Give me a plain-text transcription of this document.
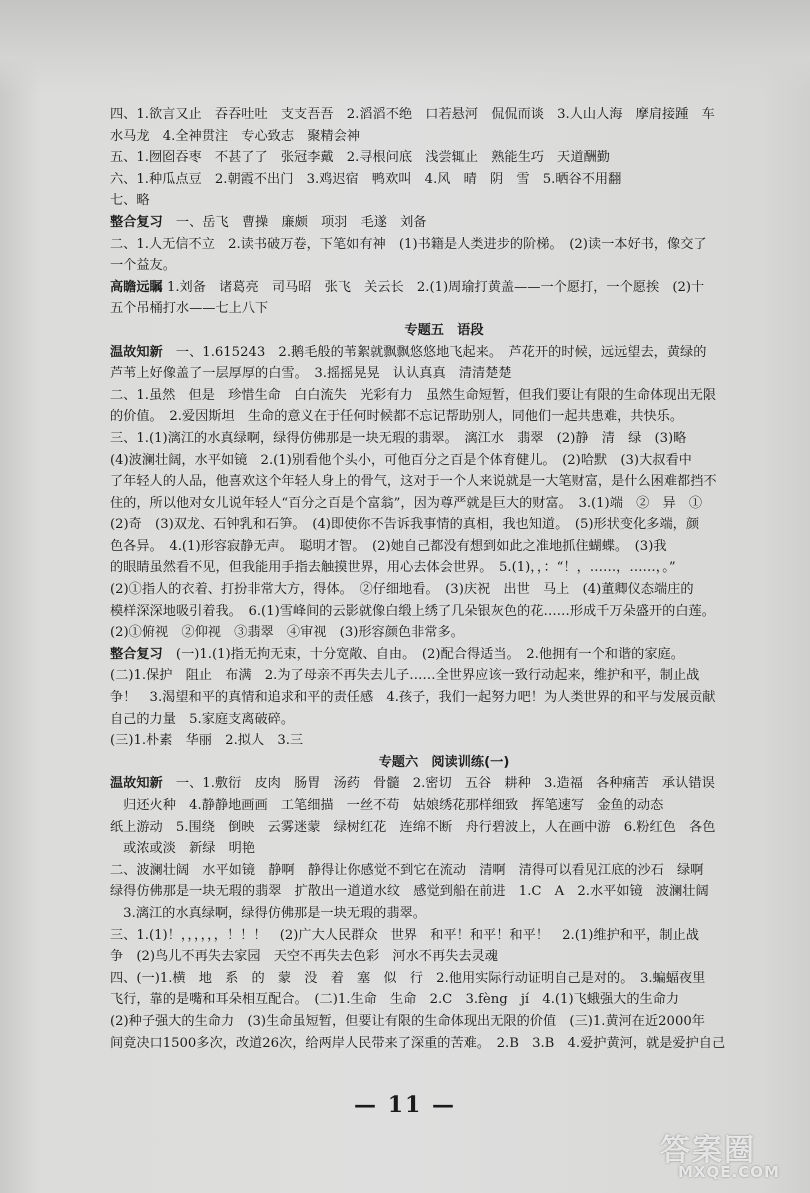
四、1.欲言又止　吞吞吐吐　支支吾吾　2.滔滔不绝　口若悬河　侃侃而谈　3.人山人海　摩肩接踵　车
水马龙　4.全神贯注　专心致志　聚精会神
五、1.囫囵吞枣　不甚了了　张冠李戴　2.寻根问底　浅尝辄止　熟能生巧　天道酬勤
六、1.种瓜点豆　2.朝霞不出门　3.鸡迟宿　鸭欢叫　4.风　晴　阴　雪　5.晒谷不用翻
七、略
整合复习　一、岳飞　曹操　廉颇　项羽　毛遂　刘备
二、1.人无信不立　2.读书破万卷，下笔如有神　(1)书籍是人类进步的阶梯。　(2)读一本好书，像交了
一个益友。
高瞻远瞩 1.刘备　诸葛亮　司马昭　张飞　关云长　2.(1)周瑜打黄盖——一个愿打，一个愿挨　(2)十
五个吊桶打水——七上八下
专题五　语段
温故知新　一、1.615243　2.鹅毛般的苇絮就飘飘悠悠地飞起来。　芦花开的时候，远远望去，黄绿的
芦苇上好像盖了一层厚厚的白雪。　3.摇摇晃晃　认认真真　清清楚楚
二、1.虽然　但是　珍惜生命　白白流失　光彩有力　虽然生命短暂，但我们要让有限的生命体现出无限
的价值。　2.爱因斯坦　生命的意义在于任何时候都不忘记帮助别人，同他们一起共患难，共快乐。
三、1.(1)漓江的水真绿啊，绿得仿佛那是一块无瑕的翡翠。　漓江水　翡翠　(2)静　清　绿　(3)略
(4)波澜壮阔，水平如镜　2.(1)别看他个头小，可他百分之百是个体育健儿。　(2)哈默　(3)大叔看中
了年轻人的人品，他喜欢这个年轻人身上的骨气，这对于一个人来说就是一大笔财富，是什么困难都挡不
住的，所以他对女儿说年轻人“百分之百是个富翁”，因为尊严就是巨大的财富。　3.(1)端　②　异　①
(2)奇　(3)双龙、石钟乳和石笋。　(4)即使你不告诉我事情的真相，我也知道。　(5)形状变化多端，颜
色各异。　4.(1)形容寂静无声。　聪明才智。　(2)她自己都没有想到如此之准地抓住蝴蝶。　(3)我
的眼睛虽然看不见，但我能用手指去触摸世界，用心去体会世界。　5.(1)，，：“！，……，……，。”
(2)①指人的衣着、打扮非常大方，得体。　②仔细地看。　(3)庆祝　出世　马上　(4)董卿仪态端庄的
模样深深地吸引着我。　6.(1)雪峰间的云影就像白缎上绣了几朵银灰色的花……形成千万朵盛开的白莲。
(2)①俯视　②仰视　③翡翠　④审视　(3)形容颜色非常多。
整合复习　(一)1.(1)指无拘无束，十分宽敞、自由。　(2)配合得适当。　2.他拥有一个和谐的家庭。
(二)1.保护　阻止　布满　2.为了母亲不再失去儿子……全世界应该一致行动起来，维护和平，制止战
争！　3.渴望和平的真情和追求和平的责任感　4.孩子，我们一起努力吧！为人类世界的和平与发展贡献
自己的力量　5.家庭支离破碎。
(三)1.朴素　华丽　2.拟人　3.三
专题六　阅读训练(一)
温故知新　一、1.敷衍　皮肉　肠胃　汤药　骨髓　2.密切　五谷　耕种　3.造福　各种痛苦　承认错误
　归还火种　4.静静地画画　工笔细描　一丝不苟　姑娘绣花那样细致　挥笔速写　金鱼的动态
纸上游动　5.围绕　倒映　云雾迷蒙　绿树红花　连绵不断　舟行碧波上，人在画中游　6.粉红色　各色
　或浓或淡　新绿　明艳
二、波澜壮阔　水平如镜　静啊　静得让你感觉不到它在流动　清啊　清得可以看见江底的沙石　绿啊
绿得仿佛那是一块无瑕的翡翠　扩散出一道道水纹　感觉到船在前进　1.C　A　2.水平如镜　波澜壮阔
　3.漓江的水真绿啊，绿得仿佛那是一块无瑕的翡翠。
三、1.(1)！，，，，，，！！！　(2)广大人民群众　世界　和平！和平！和平！　2.(1)维护和平，制止战
争　(2)鸟儿不再失去家园　天空不再失去色彩　河水不再失去灵魂
四、(一)1.横　地　系　的　蒙　没　着　塞　似　行　2.他用实际行动证明自己是对的。　3.蝙蝠夜里
飞行，靠的是嘴和耳朵相互配合。　(二)1.生命　生命　2.C　3.fèng　jí　4.(1)飞蛾强大的生命力
(2)种子强大的生命力　(3)生命虽短暂，但要让有限的生命体现出无限的价值　(三)1.黄河在近2000年
间竟决口1500多次，改道26次，给两岸人民带来了深重的苦难。　2.B　3.B　4.爱护黄河，就是爱护自己
— 11 —
答案圈
MXQE.COM
